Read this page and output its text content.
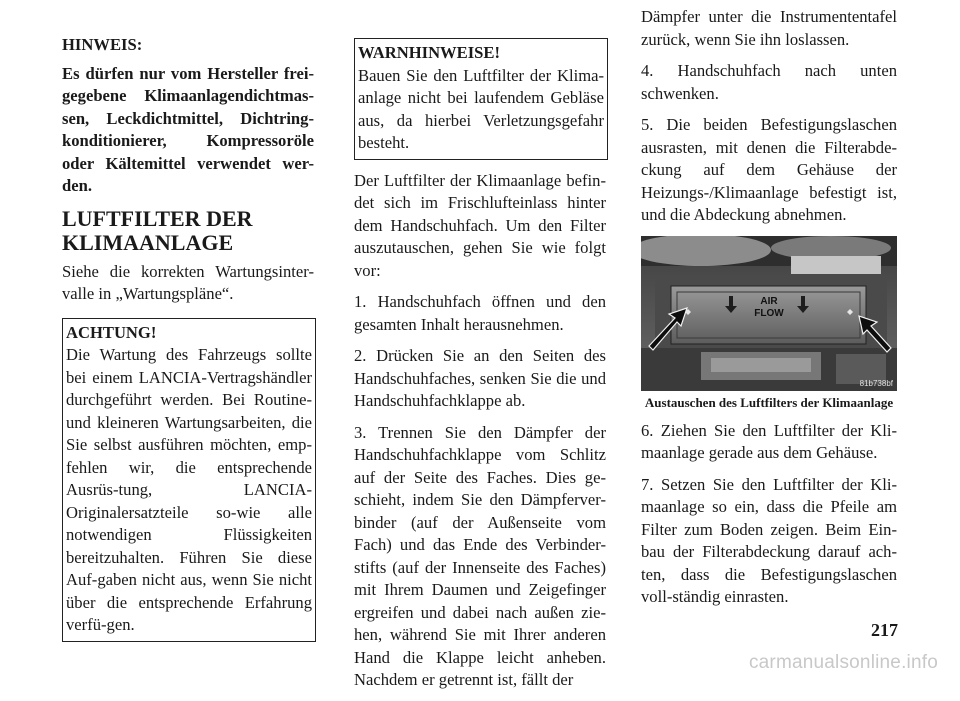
HINWEIS:

Es dürfen nur vom Hersteller frei-gegebene Klimaanlagendichtmas-sen, Leckdichtmittel, Dichtring-konditionierer, Kompressoröle oder Kältemittel verwendet wer-den.

LUFTFILTER DER KLIMAANLAGE

Siehe die korrekten Wartungsinter-valle in „Wartungspläne“.

ACHTUNG!
Die Wartung des Fahrzeugs sollte bei einem LANCIA-Vertragshändler durchgeführt werden. Bei Routine- und kleineren Wartungsarbeiten, die Sie selbst ausführen möchten, emp-fehlen wir, die entsprechende Ausrüs-tung, LANCIA-Originalersatzteile so-wie alle notwendigen Flüssigkeiten bereitzuhalten. Führen Sie diese Auf-gaben nicht aus, wenn Sie nicht über die entsprechende Erfahrung verfü-gen.
WARNHINWEISE!
Bauen Sie den Luftfilter der Klima-anlage nicht bei laufendem Gebläse aus, da hierbei Verletzungsgefahr besteht.

Der Luftfilter der Klimaanlage befin-det sich im Frischlufteinlass hinter dem Handschuhfach. Um den Filter auszutauschen, gehen Sie wie folgt vor:

1. Handschuhfach öffnen und den gesamten Inhalt herausnehmen.

2. Drücken Sie an den Seiten des Handschuhfaches, senken Sie die und Handschuhfachklappe ab.

3. Trennen Sie den Dämpfer der Handschuhfachklappe vom Schlitz auf der Seite des Faches. Dies ge-schieht, indem Sie den Dämpferver-binder (auf der Außenseite vom Fach) und das Ende des Verbinder-stifts (auf der Innenseite des Faches) mit Ihrem Daumen und Zeigefinger ergreifen und dabei nach außen zie-hen, während Sie mit Ihrer anderen Hand die Klappe leicht anheben. Nachdem er getrennt ist, fällt der

Dämpfer unter die Instrumententafel zurück, wenn Sie ihn loslassen.

4. Handschuhfach nach unten schwenken.

5. Die beiden Befestigungslaschen ausrasten, mit denen die Filterabde-ckung auf dem Gehäuse der Heizungs-/Klimaanlage befestigt ist, und die Abdeckung abnehmen.

AIR
FLOW
81b738bf
Austauschen des Luftfilters der Klimaanlage

6. Ziehen Sie den Luftfilter der Kli-maanlage gerade aus dem Gehäuse.

7. Setzen Sie den Luftfilter der Kli-maanlage so ein, dass die Pfeile am Filter zum Boden zeigen. Beim Ein-bau der Filterabdeckung darauf ach-ten, dass die Befestigungslaschen voll-ständig einrasten.

217
carmanualsonline.info
